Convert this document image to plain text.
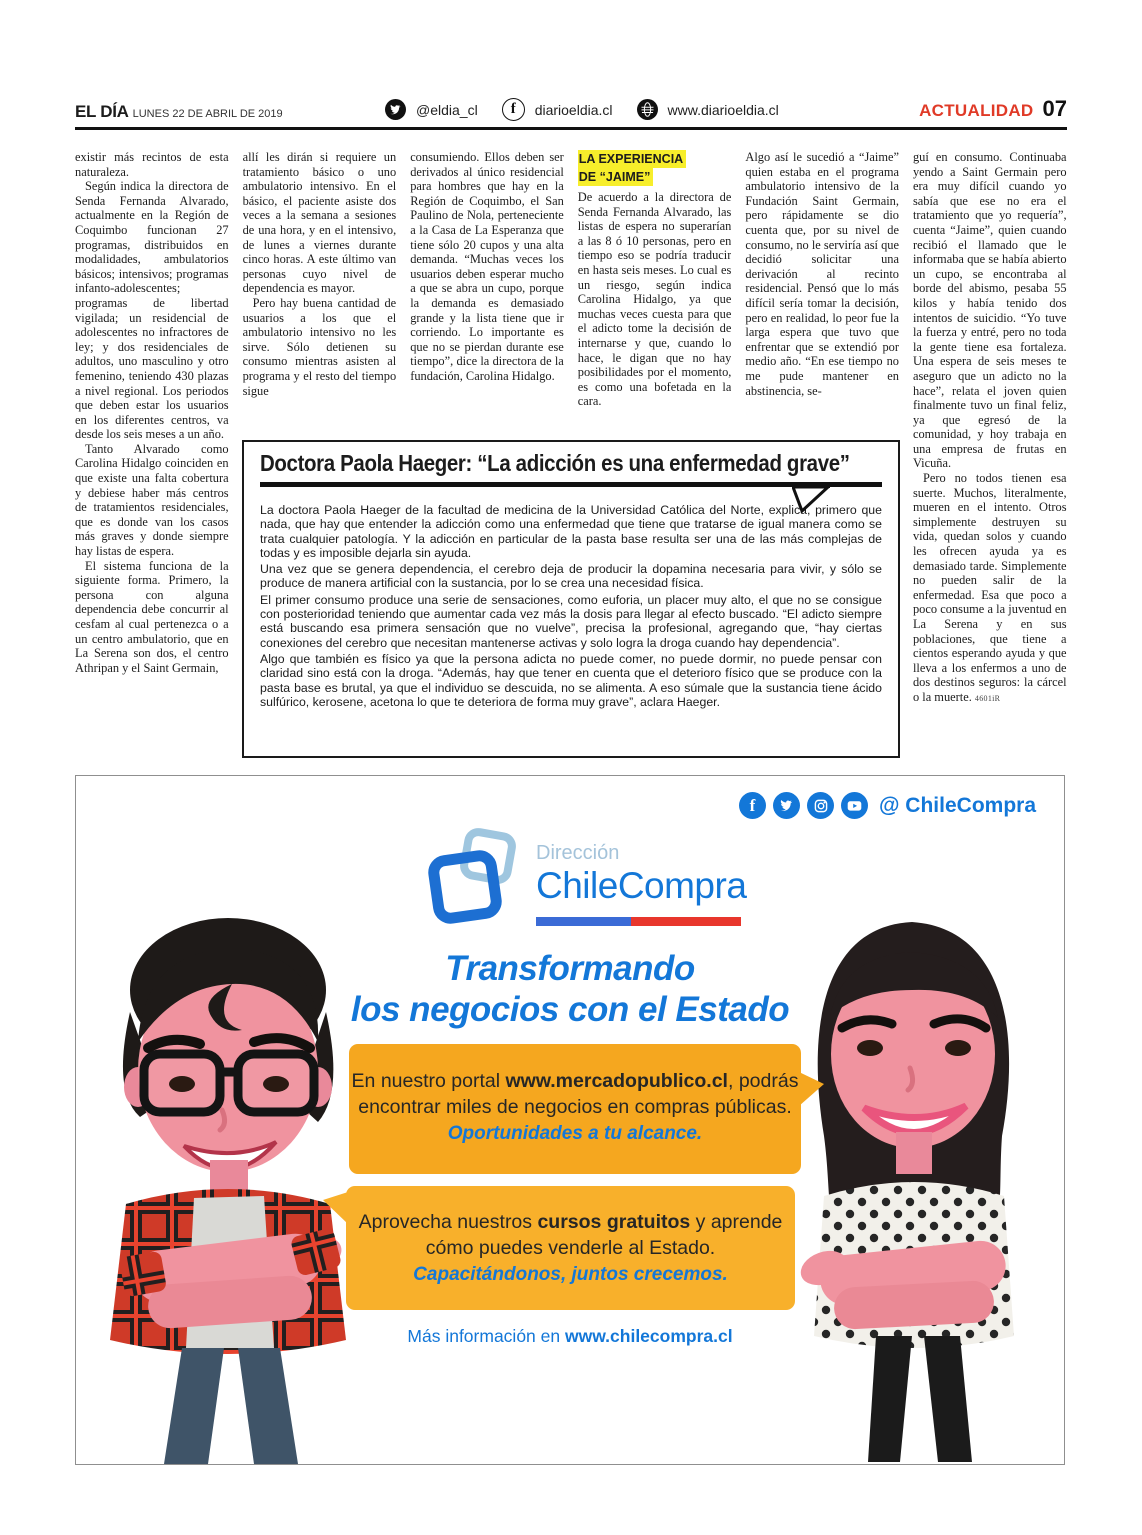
EL DÍA LUNES 22 DE ABRIL DE 2019	@eldia_cl	f	diarioeldia.cl	www.diarioeldia.cl	ACTUALIDAD 07

existir más recintos de esta naturaleza.

Según indica la directora de Senda Fernanda Alvarado, actualmente en la Región de Coquimbo funcionan 27 programas, distribuidos en modalidades, ambulatorios básicos; intensivos; programas infanto-adolescentes; programas de libertad vigilada; un residencial de adolescentes no infractores de ley; y dos residenciales de adultos, uno masculino y otro femenino, teniendo 430 plazas a nivel regional. Los periodos que deben estar los usuarios en los diferentes centros, va desde los seis meses a un año.

Tanto Alvarado como Carolina Hidalgo coinciden en que existe una falta cobertura y debiese haber más centros de tratamientos residenciales, que es donde van los casos más graves y donde siempre hay listas de espera.

El sistema funciona de la siguiente forma. Primero, la persona con alguna dependencia debe concurrir al cesfam al cual pertenezca o a un centro ambulatorio, que en La Serena son dos, el centro Athripan y el Saint Germain,

allí les dirán si requiere un tratamiento básico o uno ambulatorio intensivo. En el básico, el paciente asiste dos veces a la semana a sesiones de una hora, y en el intensivo, de lunes a viernes durante cinco horas. A este último van personas cuyo nivel de dependencia es mayor.

Pero hay buena cantidad de usuarios a los que el ambulatorio intensivo no les sirve. Sólo detienen su consumo mientras asisten al programa y el resto del tiempo sigue

consumiendo. Ellos deben ser derivados al único residencial para hombres que hay en la Región de Coquimbo, el San Paulino de Nola, perteneciente a la Casa de La Esperanza que tiene sólo 20 cupos y una alta demanda. “Muchas veces los usuarios deben esperar mucho a que se abra un cupo, porque la demanda es demasiado grande y la lista tiene que ir corriendo. Lo importante es que no se pierdan durante ese tiempo”, dice la directora de la fundación, Carolina Hidalgo.

LA EXPERIENCIA
DE “JAIME”

De acuerdo a la directora de Senda Fernanda Alvarado, las listas de espera no superarían a las 8 ó 10 personas, pero en tiempo eso se podría traducir en hasta seis meses. Lo cual es un riesgo, según indica Carolina Hidalgo, ya que muchas veces cuesta para que el adicto tome la decisión de internarse y que, cuando lo hace, le digan que no hay posibilidades por el momento, es como una bofetada en la cara.

Algo así le sucedió a “Jaime” quien estaba en el programa ambulatorio intensivo de la Fundación Saint Germain, pero rápidamente se dio cuenta que, por su nivel de consumo, no le serviría así que decidió solicitar una derivación al recinto residencial. Pensó que lo más difícil sería tomar la decisión, pero en realidad, lo peor fue la larga espera que tuvo que enfrentar que se extendió por medio año. “En ese tiempo no me pude mantener en abstinencia, se-

guí en consumo. Continuaba yendo a Saint Germain pero era muy difícil cuando yo sabía que ese no era el tratamiento que yo requería”, cuenta “Jaime”, quien cuando recibió el llamado que le informaba que se había abierto un cupo, se encontraba al borde del abismo, pesaba 55 kilos y había tenido dos intentos de suicidio. “Yo tuve la fuerza y entré, pero no toda la gente tiene esa fortaleza. Una espera de seis meses te aseguro que un adicto no la hace”, relata el joven quien finalmente tuvo un final feliz, ya que egresó de la comunidad, y hoy trabaja en una empresa de frutas en Vicuña.

Pero no todos tienen esa suerte. Muchos, literalmente, mueren en el intento. Otros simplemente destruyen su vida, quedan solos y cuando les ofrecen ayuda ya es demasiado tarde. Simplemente no pueden salir de la enfermedad. Esa que poco a poco consume a la juventud en La Serena y en sus poblaciones, que tiene a cientos esperando ayuda y que lleva a los enfermos a uno de dos destinos seguros: la cárcel o la muerte. 4601iR

Doctora Paola Haeger: “La adicción es una enfermedad grave”

La doctora Paola Haeger de la facultad de medicina de la Universidad Católica del Norte, explica, primero que nada, que hay que entender la adicción como una enfermedad que tiene que tratarse de igual manera como se trata cualquier patología. Y la adicción en particular de la pasta base resulta ser una de las más complejas de todas y es imposible dejarla sin ayuda.

Una vez que se genera dependencia, el cerebro deja de producir la dopamina necesaria para vivir, y sólo se produce de manera artificial con la sustancia, por lo se crea una necesidad física.

El primer consumo produce una serie de sensaciones, como euforia, un placer muy alto, el que no se consigue con posterioridad teniendo que aumentar cada vez más la dosis para llegar al efecto buscado. “El adicto siempre está buscando esa primera sensación que no vuelve”, precisa la profesional, agregando que, “hay ciertas conexiones del cerebro que necesitan mantenerse activas y solo logra la droga cuando hay dependencia”.

Algo que también es físico ya que la persona adicta no puede comer, no puede dormir, no puede pensar con claridad sino está con la droga. “Además, hay que tener en cuenta que el deterioro físico que se produce con la pasta base es brutal, ya que el individuo se descuida, no se alimenta. A eso súmale que la sustancia tiene ácido sulfúrico, kerosene, acetona lo que te deteriora de forma muy grave”, aclara Haeger.

f	@ ChileCompra
Dirección
ChileCompra
Transformando
los negocios con el Estado
En nuestro portal www.mercadopublico.cl, podrás
encontrar miles de negocios en compras públicas.
Oportunidades a tu alcance.
Aprovecha nuestros cursos gratuitos y aprende
cómo puedes venderle al Estado.
Capacitándonos, juntos crecemos.
Más información en www.chilecompra.cl
